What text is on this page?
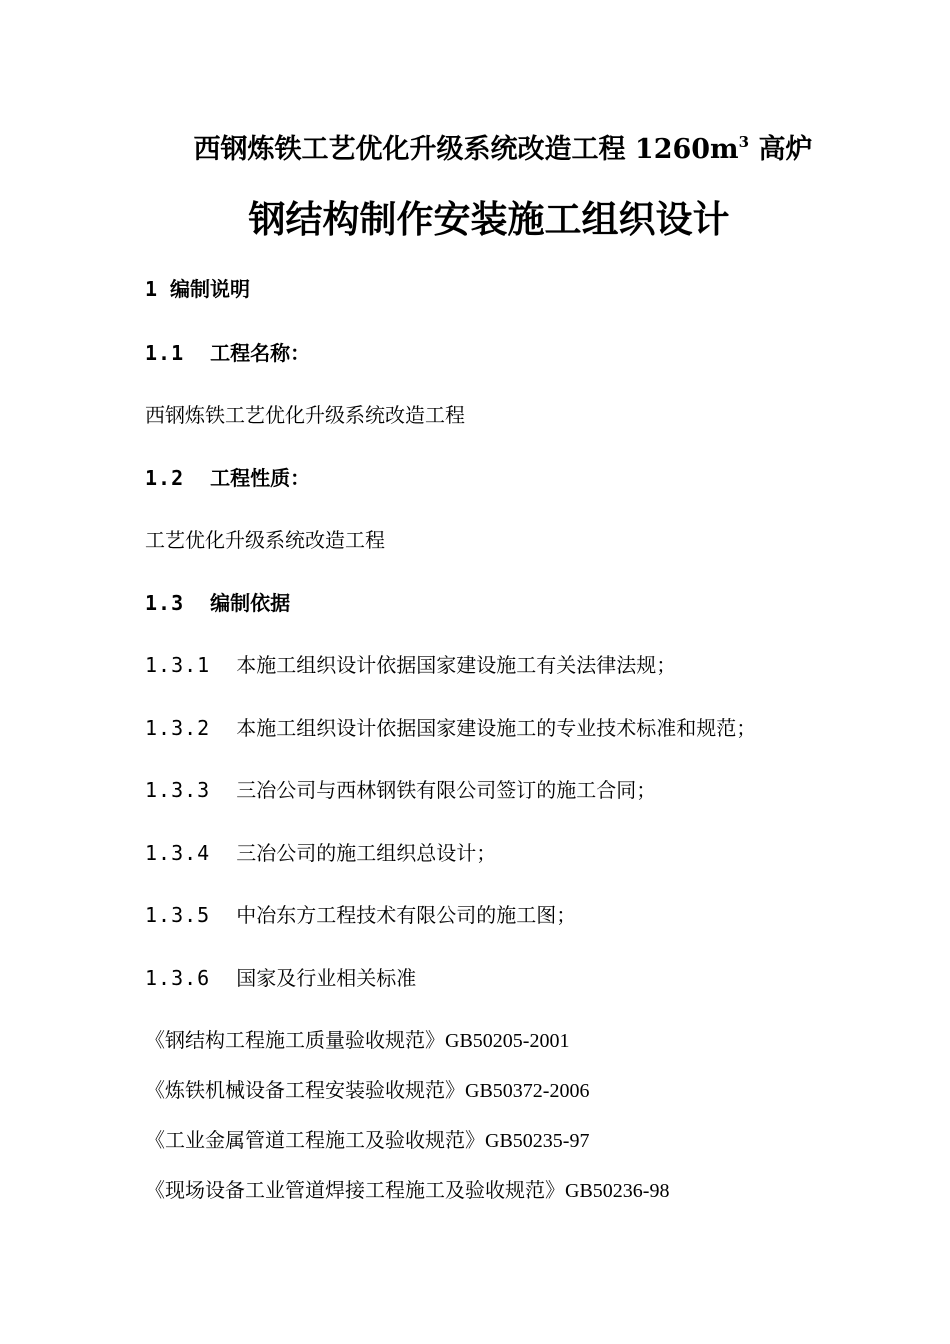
西钢炼铁工艺优化升级系统改造工程 $1260m^3$ 高炉
钢结构制作安装施工组织设计
1 编制说明
1.1 工程名称：
西钢炼铁工艺优化升级系统改造工程
1.2 工程性质：
工艺优化升级系统改造工程
1.3 编制依据
1.3.1 本施工组织设计依据国家建设施工有关法律法规；
1.3.2 本施工组织设计依据国家建设施工的专业技术标准和规范；
1.3.3 三冶公司与西林钢铁有限公司签订的施工合同；
1.3.4 三冶公司的施工组织总设计；
1.3.5 中冶东方工程技术有限公司的施工图；
1.3.6 国家及行业相关标准
《钢结构工程施工质量验收规范》GB50205-2001
《炼铁机械设备工程安装验收规范》GB50372-2006
《工业金属管道工程施工及验收规范》GB50235-97
《现场设备工业管道焊接工程施工及验收规范》GB50236-98
